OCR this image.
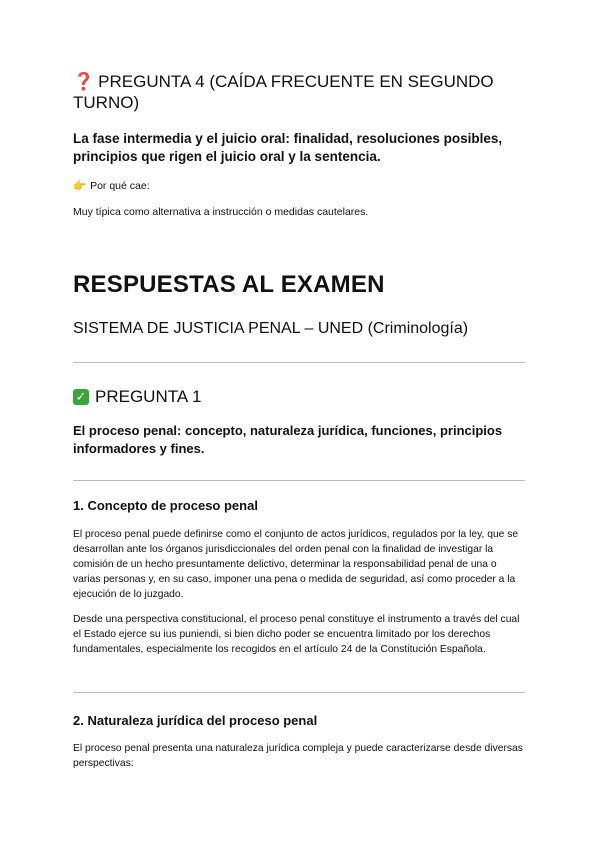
❓ PREGUNTA 4 (CAÍDA FRECUENTE EN SEGUNDO TURNO)

La fase intermedia y el juicio oral: finalidad, resoluciones posibles, principios que rigen el juicio oral y la sentencia.

👉 Por qué cae:

Muy típica como alternativa a instrucción o medidas cautelares.

RESPUESTAS AL EXAMEN
SISTEMA DE JUSTICIA PENAL – UNED (Criminología)
✓ PREGUNTA 1

El proceso penal: concepto, naturaleza jurídica, funciones, principios informadores y fines.

1. Concepto de proceso penal

El proceso penal puede definirse como el conjunto de actos jurídicos, regulados por la ley, que se desarrollan ante los órganos jurisdiccionales del orden penal con la finalidad de investigar la comisión de un hecho presuntamente delictivo, determinar la responsabilidad penal de una o varias personas y, en su caso, imponer una pena o medida de seguridad, así como proceder a la ejecución de lo juzgado.

Desde una perspectiva constitucional, el proceso penal constituye el instrumento a través del cual el Estado ejerce su ius puniendi, si bien dicho poder se encuentra limitado por los derechos fundamentales, especialmente los recogidos en el artículo 24 de la Constitución Española.

2. Naturaleza jurídica del proceso penal

El proceso penal presenta una naturaleza jurídica compleja y puede caracterizarse desde diversas perspectivas:
